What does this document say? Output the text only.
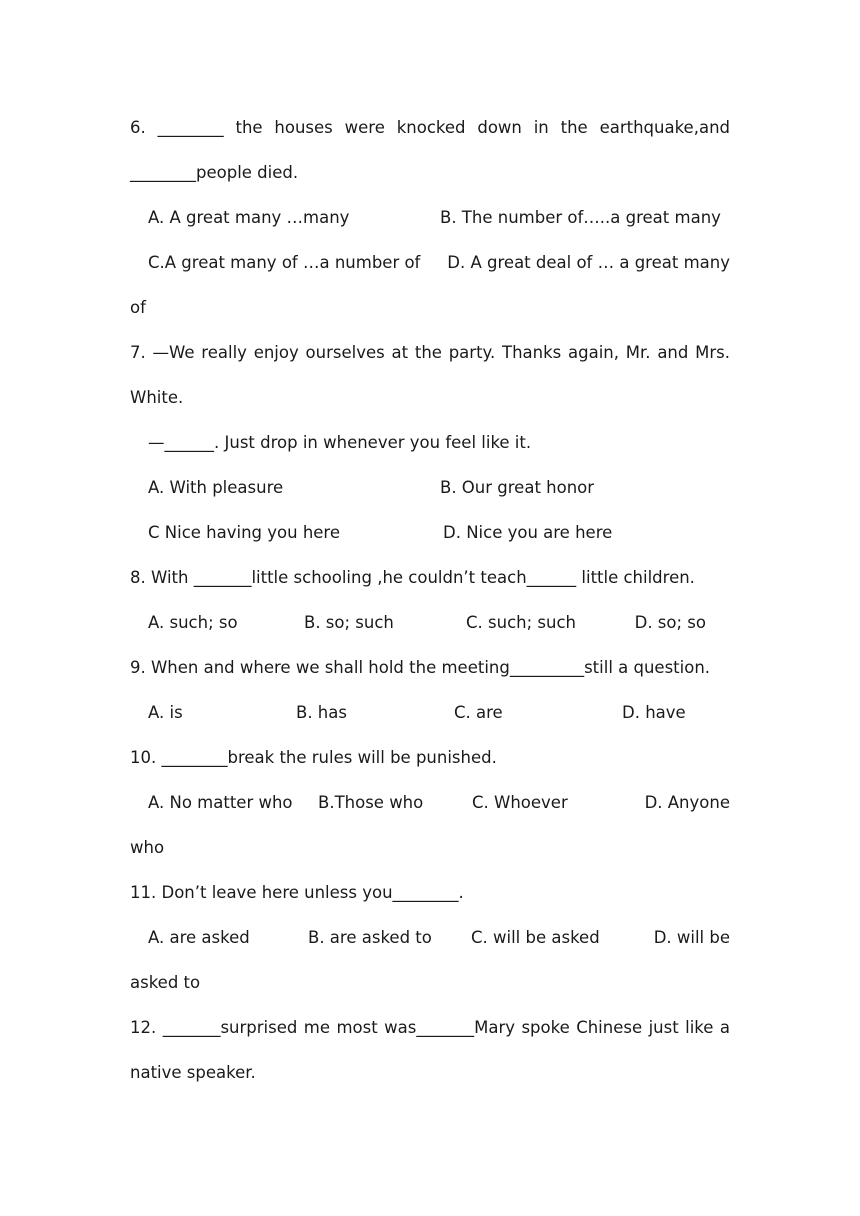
6. ________ the houses were knocked down in the earthquake,and
________people died.
A. A great many …many	B. The number of…..a great many
C.A great many of …a number of D. A great deal of … a great many
of
7. —We really enjoy ourselves at the party. Thanks again, Mr. and Mrs.
White.
—______. Just drop in whenever you feel like it.
A. With pleasure	B. Our great honor
C Nice having you here	D. Nice you are here
8. With _______little schooling ,he couldn’t teach______ little children.
A. such; so	B. so; such	C. such; such	D. so; so
9. When and where we shall hold the meeting_________still a question.
A. is	B. has	C. are	D. have
10. ________break the rules will be punished.
A. No matter who B.Those who	C. Whoever	D. Anyone
who
11. Don’t leave here unless you________.
A. are asked	B. are asked to C. will be asked	D. will be
asked to
12. _______surprised me most was_______Mary spoke Chinese just like a
native speaker.
